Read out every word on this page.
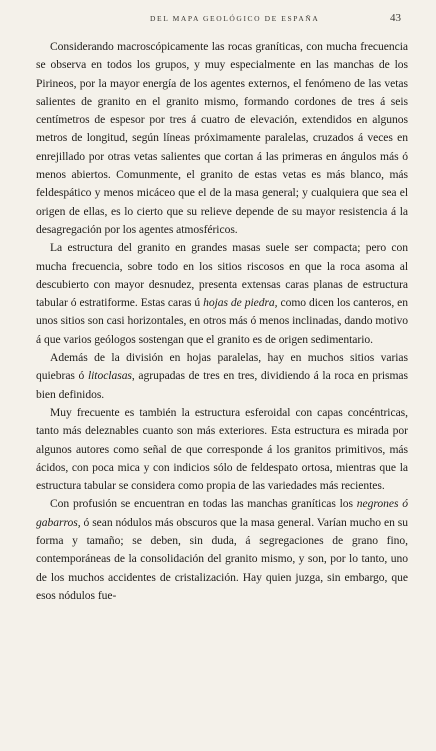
DEL MAPA GEOLÓGICO DE ESPAÑA	43

Considerando macroscópicamente las rocas graníticas, con mucha frecuencia se observa en todos los grupos, y muy especialmente en las manchas de los Pirineos, por la mayor energía de los agentes externos, el fenómeno de las vetas salientes de granito en el granito mismo, formando cordones de tres á seis centímetros de espesor por tres á cuatro de elevación, extendidos en algunos metros de longitud, según líneas próximamente paralelas, cruzados á veces en enrejillado por otras vetas salientes que cortan á las primeras en ángulos más ó menos abiertos. Comunmente, el granito de estas vetas es más blanco, más feldespático y menos micáceo que el de la masa general; y cualquiera que sea el origen de ellas, es lo cierto que su relieve depende de su mayor resistencia á la desagregación por los agentes atmosféricos.

La estructura del granito en grandes masas suele ser compacta; pero con mucha frecuencia, sobre todo en los sitios riscosos en que la roca asoma al descubierto con mayor desnudez, presenta extensas caras planas de estructura tabular ó estratiforme. Estas caras ú hojas de piedra, como dicen los canteros, en unos sitios son casi horizontales, en otros más ó menos inclinadas, dando motivo á que varios geólogos sostengan que el granito es de origen sedimentario.

Además de la división en hojas paralelas, hay en muchos sitios varias quiebras ó litoclasas, agrupadas de tres en tres, dividiendo á la roca en prismas bien definidos.

Muy frecuente es también la estructura esferoidal con capas concéntricas, tanto más deleznables cuanto son más exteriores. Esta estructura es mirada por algunos autores como señal de que corresponde á los granitos primitivos, más ácidos, con poca mica y con indicios sólo de feldespato ortosa, mientras que la estructura tabular se considera como propia de las variedades más recientes.

Con profusión se encuentran en todas las manchas graníticas los negrones ó gabarros, ó sean nódulos más obscuros que la masa general. Varían mucho en su forma y tamaño; se deben, sin duda, á segregaciones de grano fino, contemporáneas de la consolidación del granito mismo, y son, por lo tanto, uno de los muchos accidentes de cristalización. Hay quien juzga, sin embargo, que esos nódulos fue-
